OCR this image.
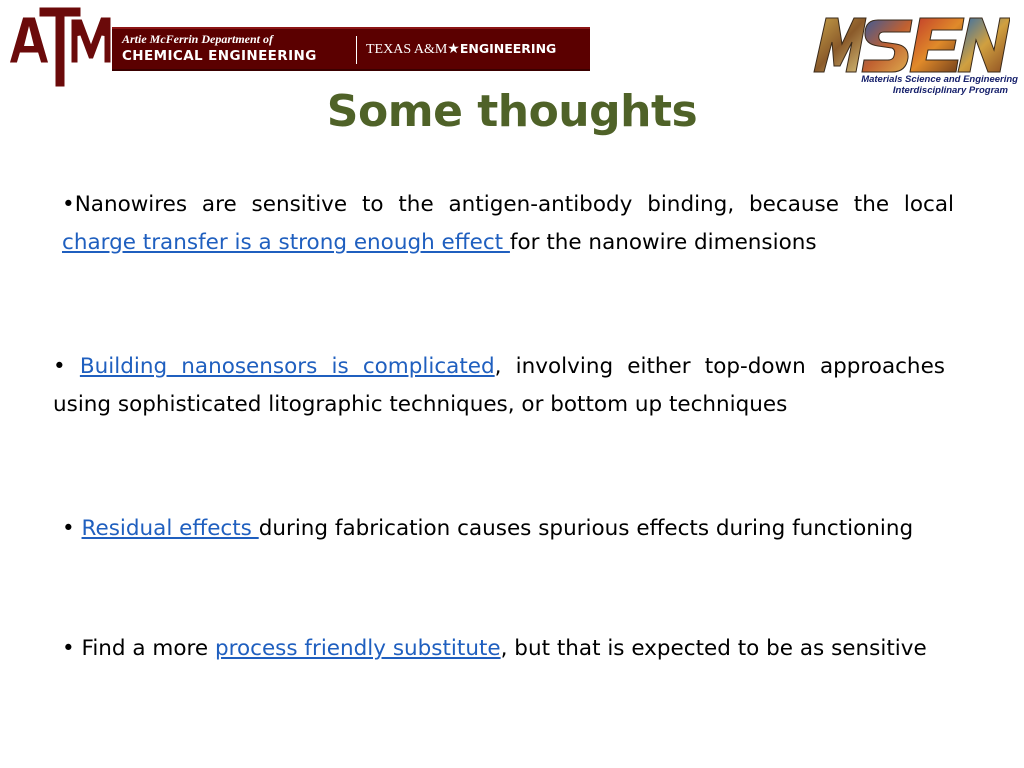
Artie McFerrin Department of
CHEMICAL ENGINEERING	TEXAS A&M★ENGINEERING
Materials Science and Engineering
Interdisciplinary Program
Some thoughts
•Nanowires are sensitive to the antigen-antibody binding, because the local charge transfer is a strong enough effect for the nanowire dimensions
• Building nanosensors is complicated, involving either top-down approaches using sophisticated litographic techniques, or bottom up techniques
• Residual effects during fabrication causes spurious effects during functioning
• Find a more process friendly substitute, but that is expected to be as sensitive
